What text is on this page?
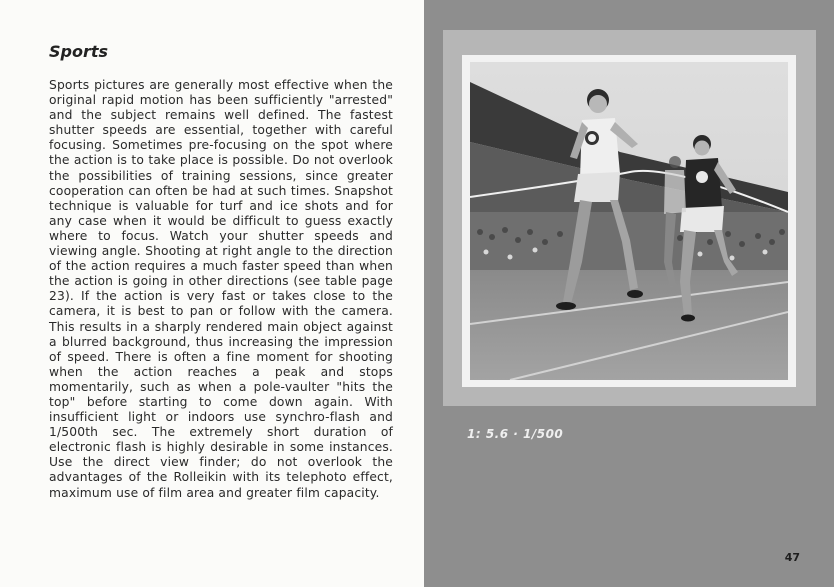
Sports

Sports pictures are generally most effective when the original rapid motion has been sufficiently "arrested" and the subject remains well defined. The fastest shutter speeds are essential, together with careful focusing. Sometimes pre-focusing on the spot where the action is to take place is possible. Do not overlook the possibilities of training sessions, since greater cooperation can often be had at such times. Snapshot technique is valuable for turf and ice shots and for any case when it would be difficult to guess exactly where to focus. Watch your shutter speeds and viewing angle. Shooting at right angle to the direction of the action requires a much faster speed than when the action is going in other directions (see table page 23). If the action is very fast or takes close to the camera, it is best to pan or follow with the camera. This results in a sharply rendered main object against a blurred background, thus increasing the impression of speed. There is often a fine moment for shooting when the action reaches a peak and stops momentarily, such as when a pole-vaulter "hits the top" before starting to come down again. With insufficient light or indoors use synchro-flash and 1/500th sec. The extremely short duration of electronic flash is highly desirable in some instances. Use the direct view finder; do not overlook the advantages of the Rolleikin with its telephoto effect, maximum use of film area and greater film capacity.

1: 5.6 · 1/500
47
